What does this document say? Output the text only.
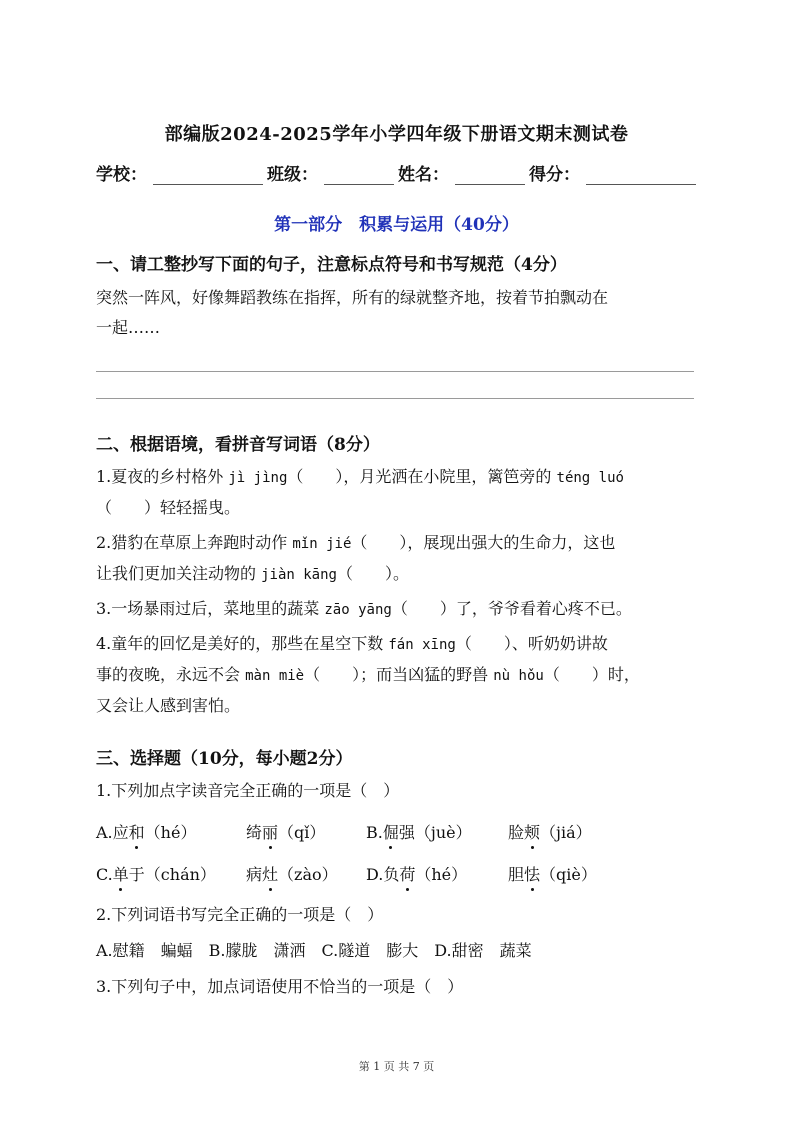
部编版2024-2025学年小学四年级下册语文期末测试卷
学校：	班级：	姓名：	得分：
第一部分　积累与运用（40分）
一、请工整抄写下面的句子，注意标点符号和书写规范（4分）
突然一阵风，好像舞蹈教练在指挥，所有的绿就整齐地，按着节拍飘动在
一起……
二、根据语境，看拼音写词语（8分）
1.夏夜的乡村格外 jì jìng（　　），月光洒在小院里，篱笆旁的 téng luó
（　　）轻轻摇曳。
2.猎豹在草原上奔跑时动作 mǐn jié（　　），展现出强大的生命力，这也
让我们更加关注动物的 jiàn kāng（　　）。
3.一场暴雨过后，菜地里的蔬菜 zāo yāng（　　）了，爷爷看着心疼不已。
4.童年的回忆是美好的，那些在星空下数 fán xīng（　　）、听奶奶讲故
事的夜晚，永远不会 màn miè（　　）；而当凶猛的野兽 nù hǒu（　　）时，
又会让人感到害怕。
三、选择题（10分，每小题2分）
1.下列加点字读音完全正确的一项是（　）
A.应和（hé）	绮丽（qǐ）	B.倔强（juè） 脸颊（jiá）
C.单于（chán） 病灶（zào） D.负荷（hé）	胆怯（qiè）
2.下列词语书写完全正确的一项是（　）
A.慰籍　蝙蝠　B.朦胧　潇洒　C.隧道　膨大　D.甜密　蔬菜
3.下列句子中，加点词语使用不恰当的一项是（　）
第 1 页 共 7 页
